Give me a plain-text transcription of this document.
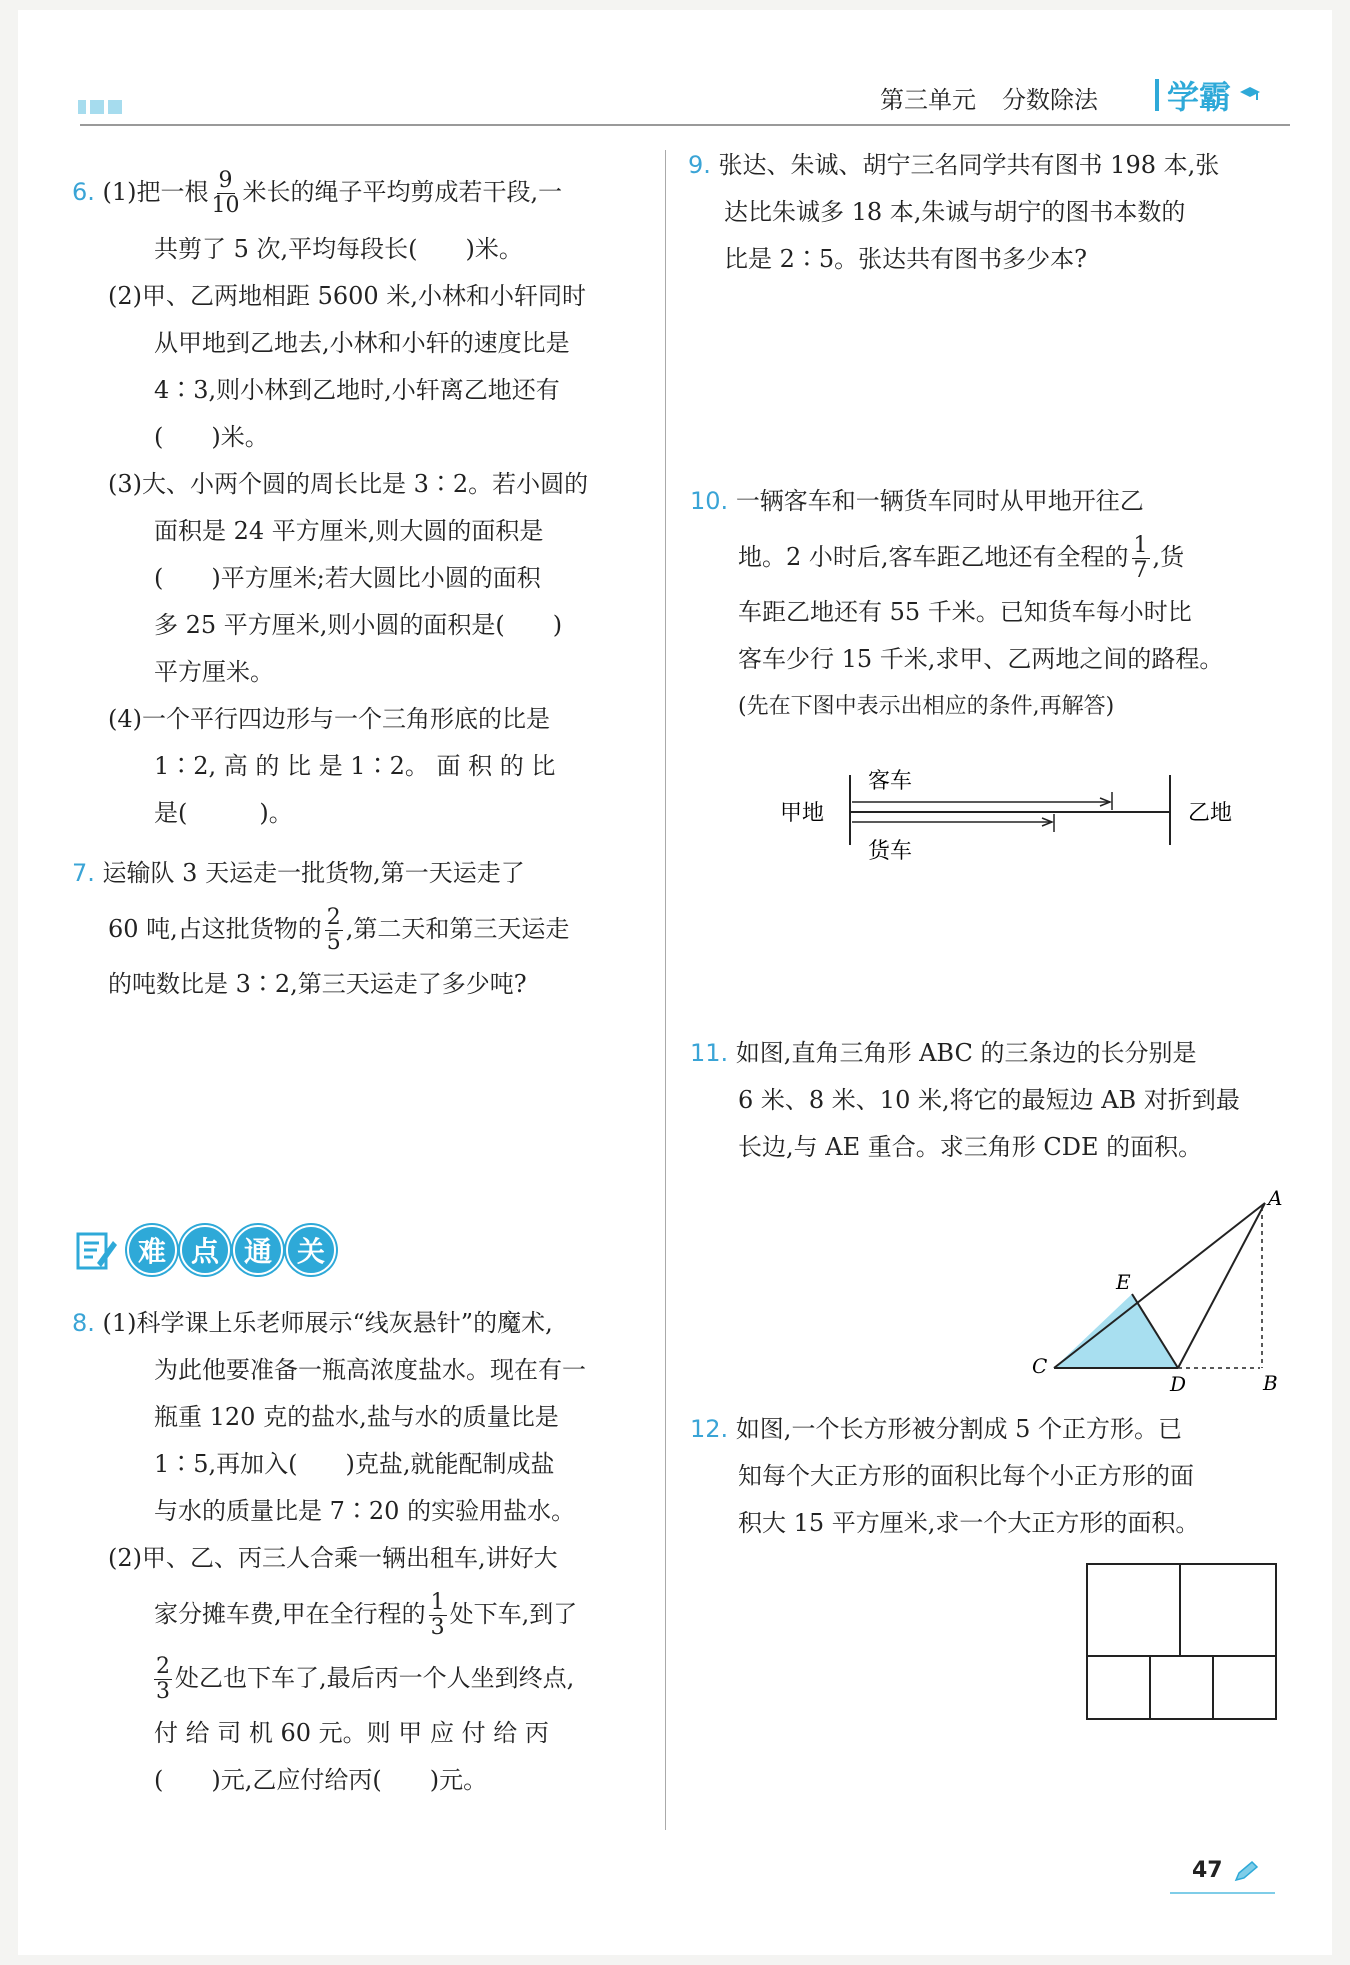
第三单元 分数除法 学霸
6. (1)把一根 $\frac{9}{10}$ 米长的绳子平均剪成若干段,一
共剪了 5 次,平均每段长(　　)米。
(2)甲、乙两地相距 5600 米,小林和小轩同时
从甲地到乙地去,小林和小轩的速度比是
4∶3,则小林到乙地时,小轩离乙地还有
(　　)米。
(3)大、小两个圆的周长比是 3∶2。若小圆的
面积是 24 平方厘米,则大圆的面积是
(　　)平方厘米;若大圆比小圆的面积
多 25 平方厘米,则小圆的面积是(　　)
平方厘米。
(4)一个平行四边形与一个三角形底的比是
1∶2, 高 的 比 是 1∶2。 面 积 的 比
是(　　　)。
7. 运输队 3 天运走一批货物,第一天运走了
60 吨,占这批货物的 $\frac{2}{5}$ ,第二天和第三天运走
的吨数比是 3∶2,第三天运走了多少吨?
难 点 通 关
8. (1)科学课上乐老师展示“线灰悬针”的魔术,
为此他要准备一瓶高浓度盐水。现在有一
瓶重 120 克的盐水,盐与水的质量比是
1∶5,再加入(　　)克盐,就能配制成盐
与水的质量比是 7∶20 的实验用盐水。
(2)甲、乙、丙三人合乘一辆出租车,讲好大
家分摊车费,甲在全行程的 $\frac{1}{3}$ 处下车,到了
$\frac{2}{3}$ 处乙也下车了,最后丙一个人坐到终点,
付 给 司 机 60 元。则 甲 应 付 给 丙
(　　)元,乙应付给丙(　　)元。
9. 张达、朱诚、胡宁三名同学共有图书 198 本,张
达比朱诚多 18 本,朱诚与胡宁的图书本数的
比是 2∶5。张达共有图书多少本?
10. 一辆客车和一辆货车同时从甲地开往乙
地。2 小时后,客车距乙地还有全程的 $\frac{1}{7}$ ,货
车距乙地还有 55 千米。已知货车每小时比
客车少行 15 千米,求甲、乙两地之间的路程。
(先在下图中表示出相应的条件,再解答)
甲地	乙地
客车
货车
11. 如图,直角三角形 ABC 的三条边的长分别是
6 米、8 米、10 米,将它的最短边 AB 对折到最
长边,与 AE 重合。求三角形 CDE 的面积。
A
B
C
D
E
12. 如图,一个长方形被分割成 5 个正方形。已
知每个大正方形的面积比每个小正方形的面
积大 15 平方厘米,求一个大正方形的面积。
47
